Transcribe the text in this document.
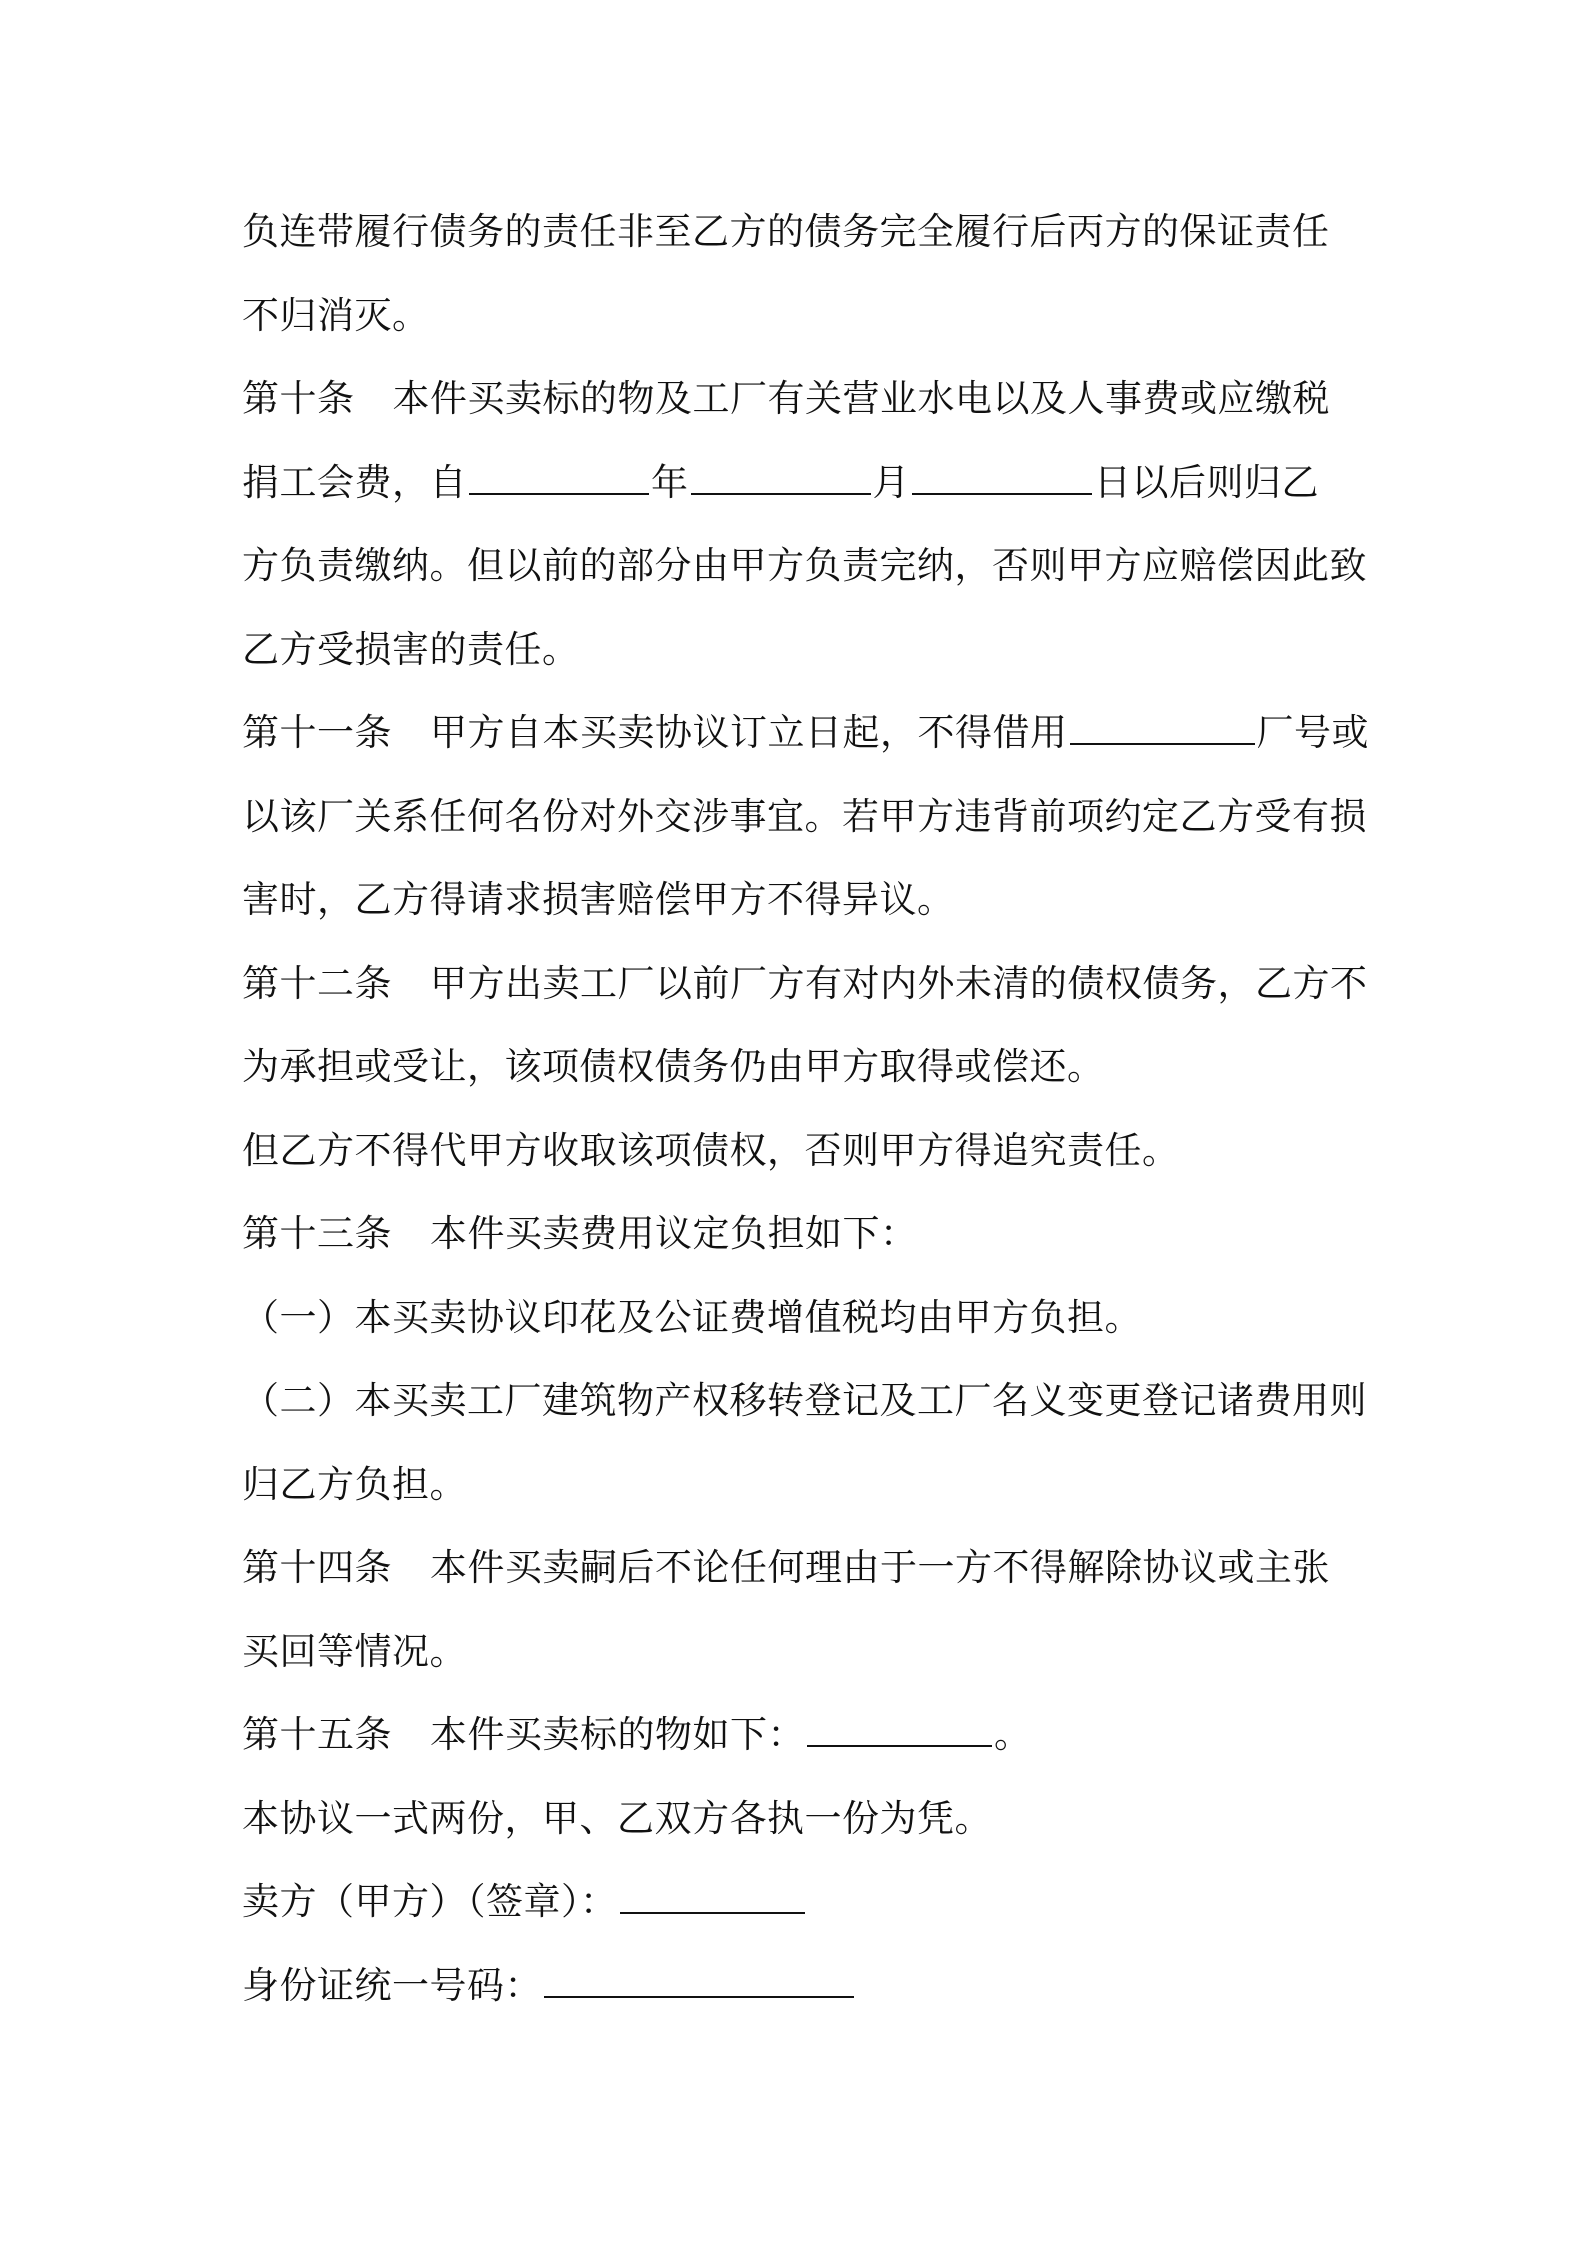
负连带履行债务的责任非至乙方的债务完全履行后丙方的保证责任
不归消灭。
第十条 本件买卖标的物及工厂有关营业水电以及人事费或应缴税
捐工会费，自	年	月	日以后则归乙
方负责缴纳。但以前的部分由甲方负责完纳，否则甲方应赔偿因此致
乙方受损害的责任。
第十一条 甲方自本买卖协议订立日起，不得借用	厂号或
以该厂关系任何名份对外交涉事宜。若甲方违背前项约定乙方受有损
害时，乙方得请求损害赔偿甲方不得异议。
第十二条 甲方出卖工厂以前厂方有对内外未清的债权债务，乙方不
为承担或受让，该项债权债务仍由甲方取得或偿还。
但乙方不得代甲方收取该项债权，否则甲方得追究责任。
第十三条 本件买卖费用议定负担如下：
（一）本买卖协议印花及公证费增值税均由甲方负担。
（二）本买卖工厂建筑物产权移转登记及工厂名义变更登记诸费用则
归乙方负担。
第十四条 本件买卖嗣后不论任何理由于一方不得解除协议或主张
买回等情况。
第十五条 本件买卖标的物如下：	。
本协议一式两份，甲、乙双方各执一份为凭。
卖方（甲方）（签章）：
身份证统一号码：
